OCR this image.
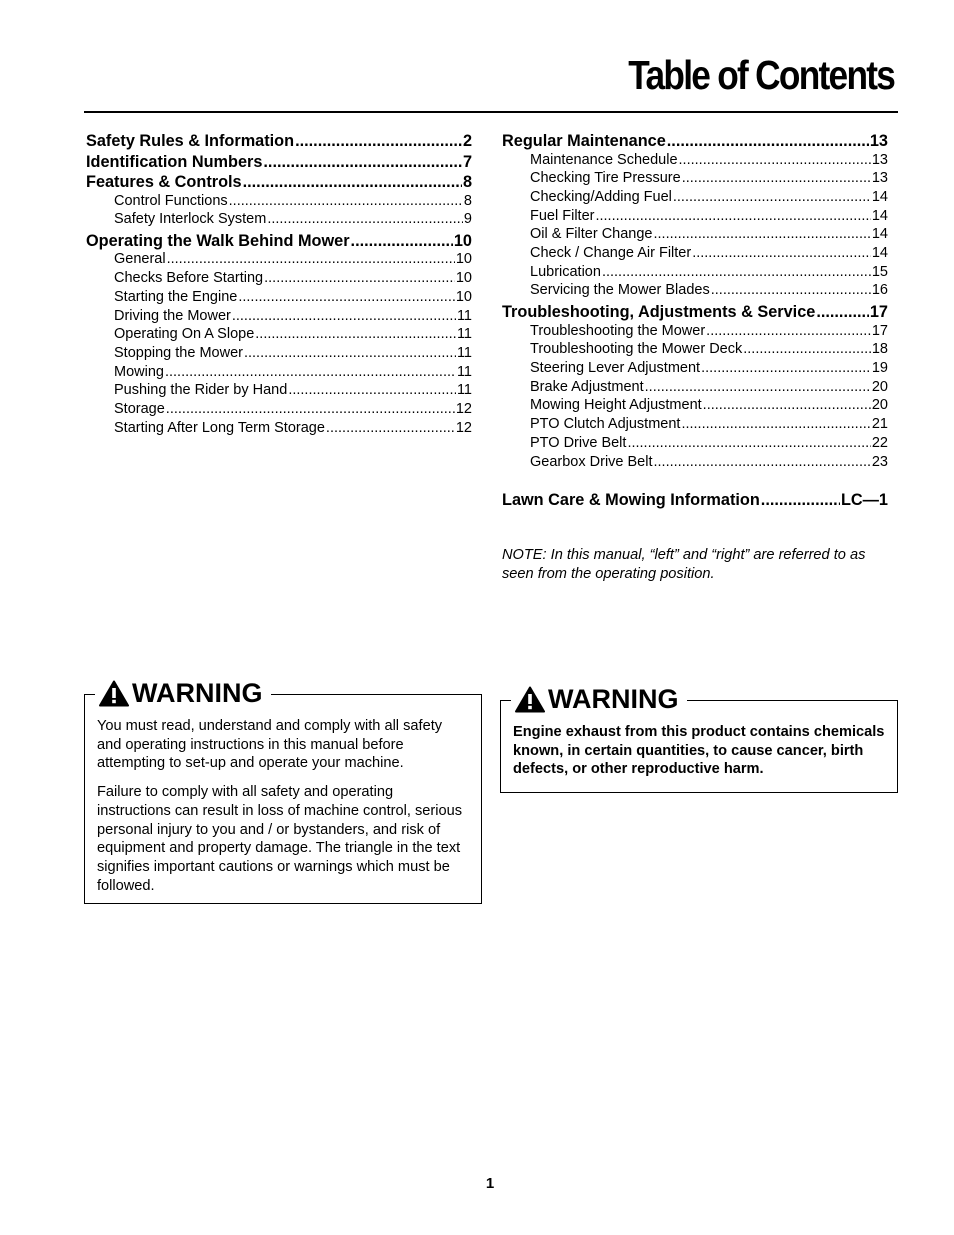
Table of Contents
Safety Rules & Information .....	2
Identification Numbers .....	7
Features & Controls .....	8
Control Functions .....	8
Safety Interlock System .....	9
Operating the Walk Behind Mower .....	10
General .....	10
Checks Before Starting .....	10
Starting the Engine .....	10
Driving the Mower .....	11
Operating On A Slope .....	11
Stopping the Mower .....	11
Mowing .....	11
Pushing the Rider by Hand .....	11
Storage .....	12
Starting After Long Term Storage .....	12
Regular Maintenance .....	13
Maintenance Schedule .....	13
Checking Tire Pressure .....	13
Checking/Adding Fuel .....	14
Fuel Filter .....	14
Oil & Filter Change .....	14
Check / Change Air Filter .....	14
Lubrication .....	15
Servicing the Mower Blades .....	16
Troubleshooting, Adjustments & Service .....	17
Troubleshooting the Mower .....	17
Troubleshooting the Mower Deck .....	18
Steering Lever Adjustment .....	19
Brake Adjustment .....	20
Mowing Height Adjustment .....	20
PTO Clutch Adjustment .....	21
PTO Drive Belt .....	22
Gearbox Drive Belt .....	23
Lawn Care & Mowing Information .....	LC—1
NOTE: In this manual, “left” and “right” are referred to as seen from the operating position.
WARNING

You must read, understand and comply with all safety and operating instructions in this manual before attempting to set-up and operate your machine.

Failure to comply with all safety and operating instructions can result in loss of machine control, serious personal injury to you and / or bystanders, and risk of equipment and property damage. The triangle in the text signifies important cautions or warnings which must be followed.

WARNING

Engine exhaust from this product contains chemicals known, in certain quantities, to cause cancer, birth defects, or other reproductive harm.

1
